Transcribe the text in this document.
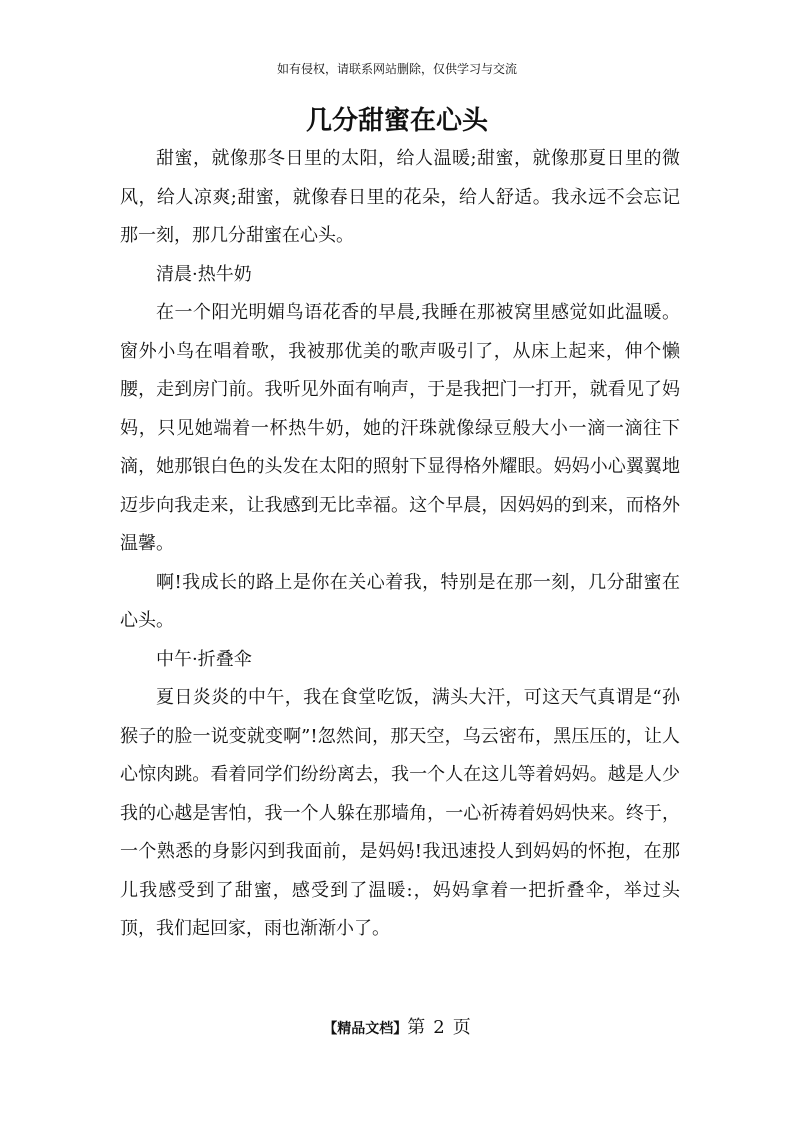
如有侵权，请联系网站删除，仅供学习与交流
几分甜蜜在心头

甜蜜，就像那冬日里的太阳，给人温暖;甜蜜，就像那夏日里的微风，给人凉爽;甜蜜，就像春日里的花朵，给人舒适。我永远不会忘记那一刻，那几分甜蜜在心头。

清晨·热牛奶

在一个阳光明媚鸟语花香的早晨,我睡在那被窝里感觉如此温暖。窗外小鸟在唱着歌，我被那优美的歌声吸引了，从床上起来，伸个懒腰，走到房门前。我听见外面有响声，于是我把门一打开，就看见了妈妈，只见她端着一杯热牛奶，她的汗珠就像绿豆般大小一滴一滴往下滴，她那银白色的头发在太阳的照射下显得格外耀眼。妈妈小心翼翼地迈步向我走来，让我感到无比幸福。这个早晨，因妈妈的到来，而格外温馨。

啊!我成长的路上是你在关心着我，特别是在那一刻，几分甜蜜在心头。

中午·折叠伞

夏日炎炎的中午，我在食堂吃饭，满头大汗，可这天气真谓是“孙猴子的脸一说变就变啊”!忽然间，那天空，乌云密布，黑压压的，让人心惊肉跳。看着同学们纷纷离去，我一个人在这儿等着妈妈。越是人少我的心越是害怕，我一个人躲在那墙角，一心祈祷着妈妈快来。终于，一个熟悉的身影闪到我面前，是妈妈!我迅速投人到妈妈的怀抱，在那儿我感受到了甜蜜，感受到了温暖:，妈妈拿着一把折叠伞，举过头顶，我们起回家，雨也渐渐小了。

【精品文档】第 2 页
